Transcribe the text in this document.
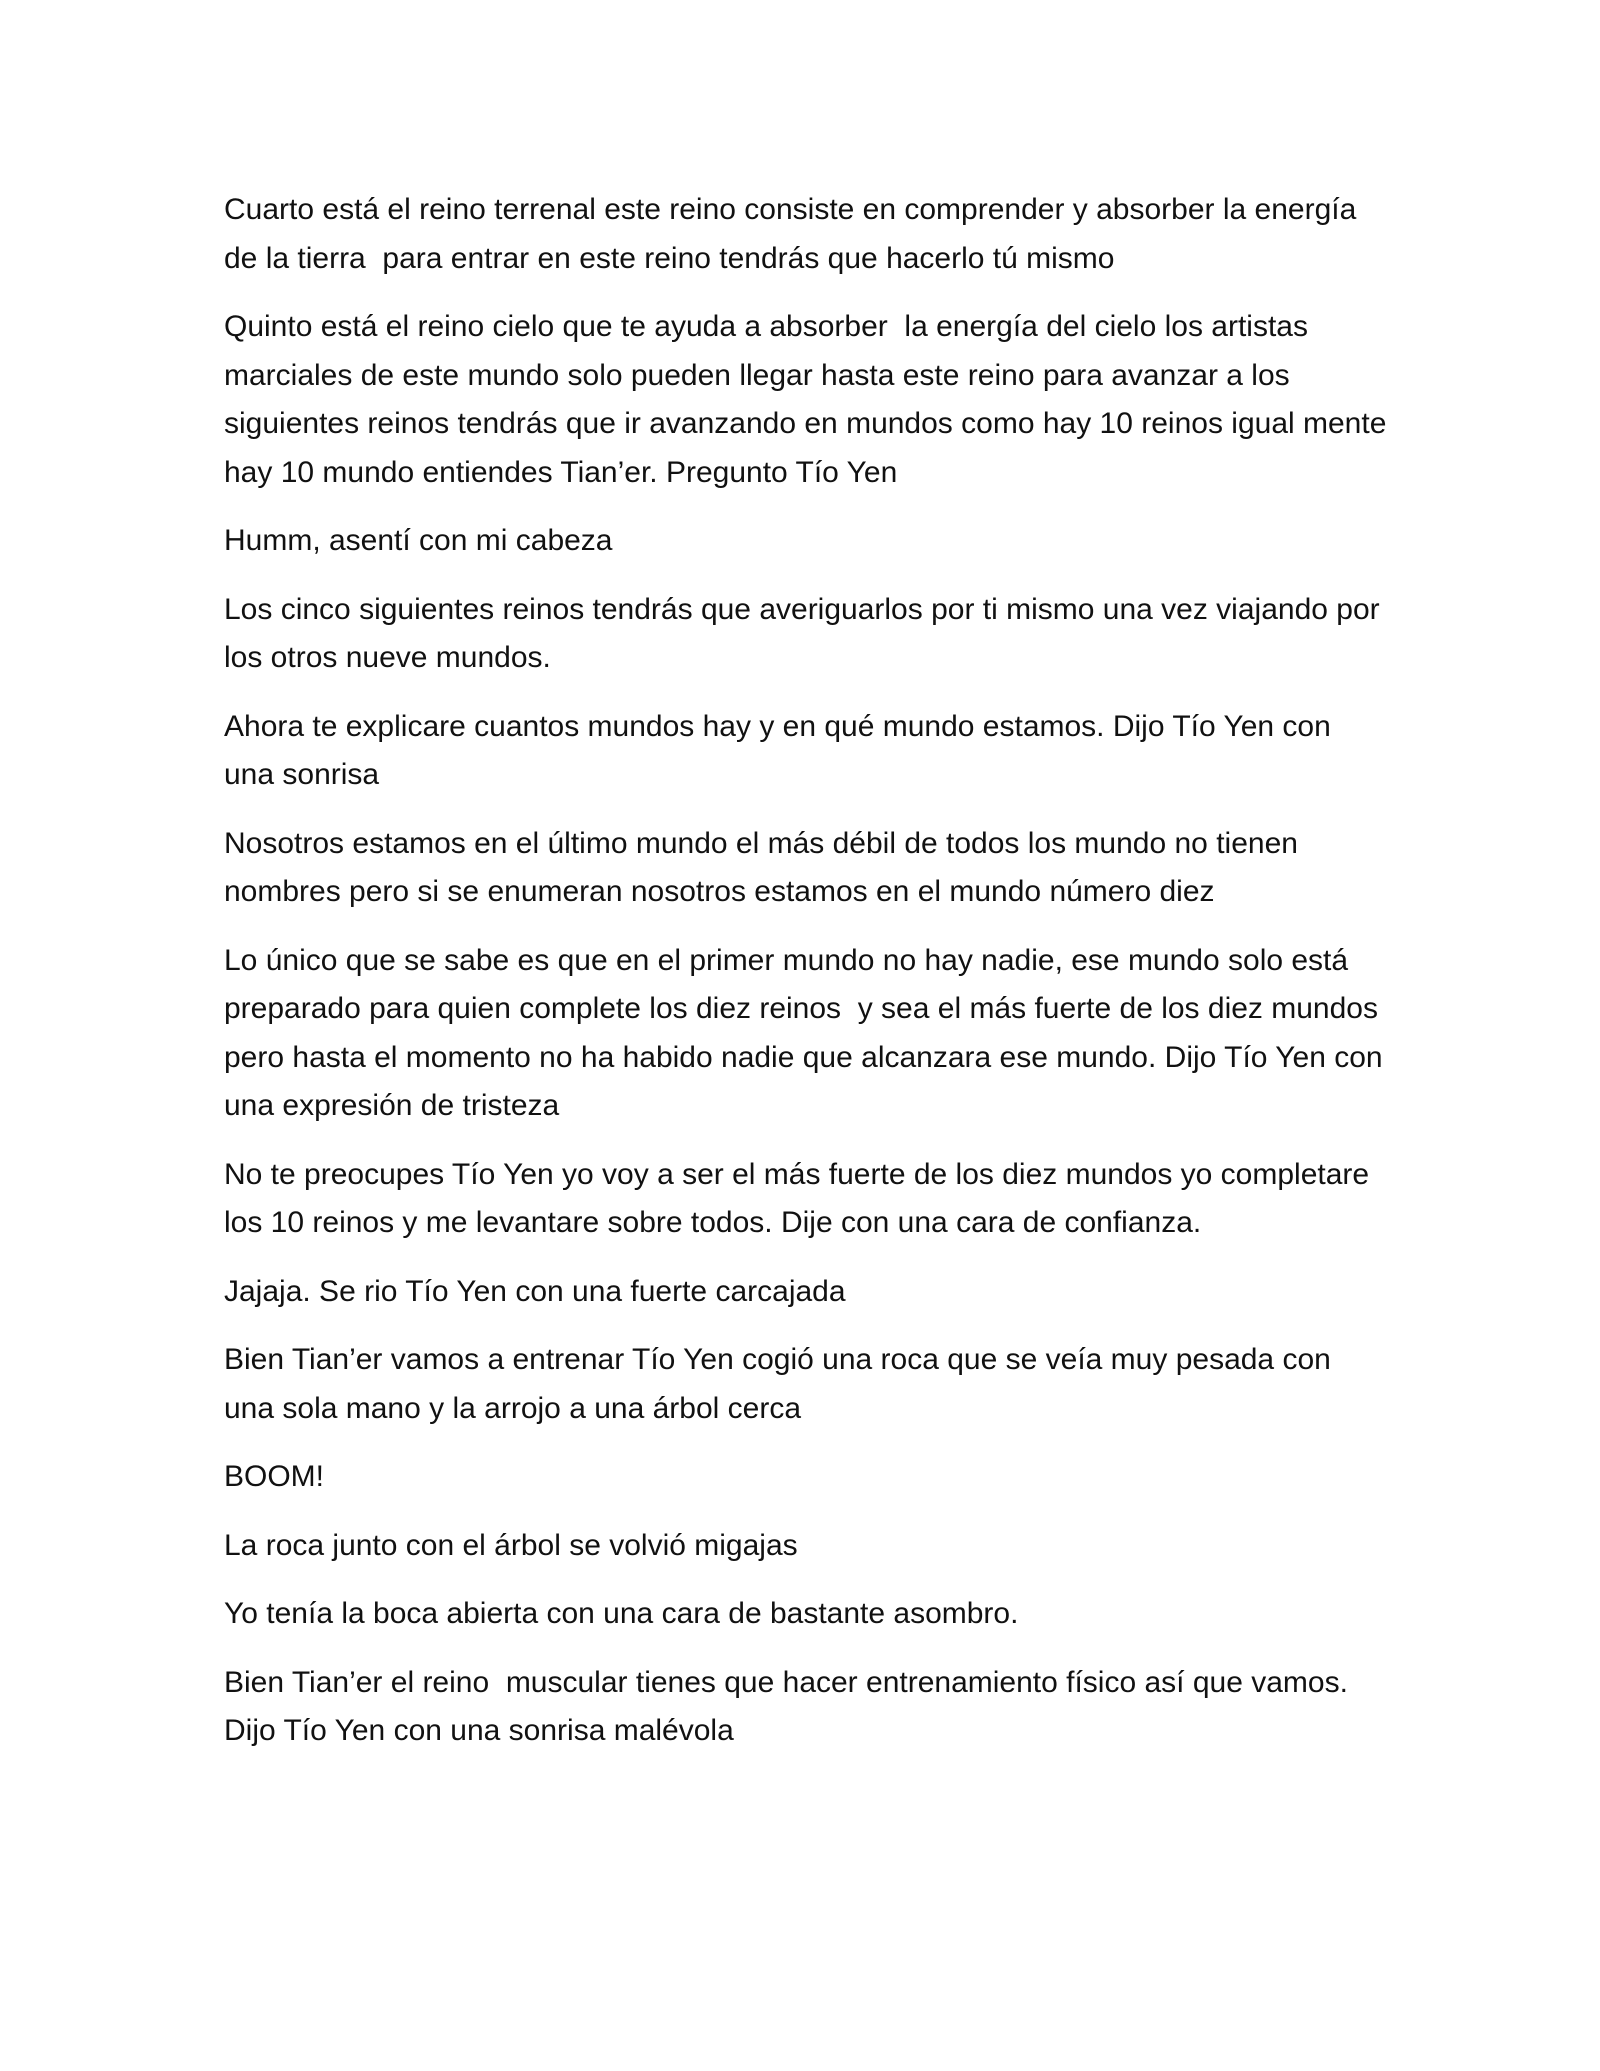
Cuarto está el reino terrenal este reino consiste en comprender y absorber la energía de la tierra  para entrar en este reino tendrás que hacerlo tú mismo

Quinto está el reino cielo que te ayuda a absorber  la energía del cielo los artistas marciales de este mundo solo pueden llegar hasta este reino para avanzar a los siguientes reinos tendrás que ir avanzando en mundos como hay 10 reinos igual mente hay 10 mundo entiendes Tian’er. Pregunto Tío Yen

Humm, asentí con mi cabeza

Los cinco siguientes reinos tendrás que averiguarlos por ti mismo una vez viajando por los otros nueve mundos.

Ahora te explicare cuantos mundos hay y en qué mundo estamos. Dijo Tío Yen con una sonrisa

Nosotros estamos en el último mundo el más débil de todos los mundo no tienen nombres pero si se enumeran nosotros estamos en el mundo número diez

Lo único que se sabe es que en el primer mundo no hay nadie, ese mundo solo está preparado para quien complete los diez reinos  y sea el más fuerte de los diez mundos pero hasta el momento no ha habido nadie que alcanzara ese mundo. Dijo Tío Yen con una expresión de tristeza

No te preocupes Tío Yen yo voy a ser el más fuerte de los diez mundos yo completare los 10 reinos y me levantare sobre todos. Dije con una cara de confianza.

Jajaja. Se rio Tío Yen con una fuerte carcajada

Bien Tian’er vamos a entrenar Tío Yen cogió una roca que se veía muy pesada con una sola mano y la arrojo a una árbol cerca

BOOM!

La roca junto con el árbol se volvió migajas

Yo tenía la boca abierta con una cara de bastante asombro.

Bien Tian’er el reino  muscular tienes que hacer entrenamiento físico así que vamos. Dijo Tío Yen con una sonrisa malévola
